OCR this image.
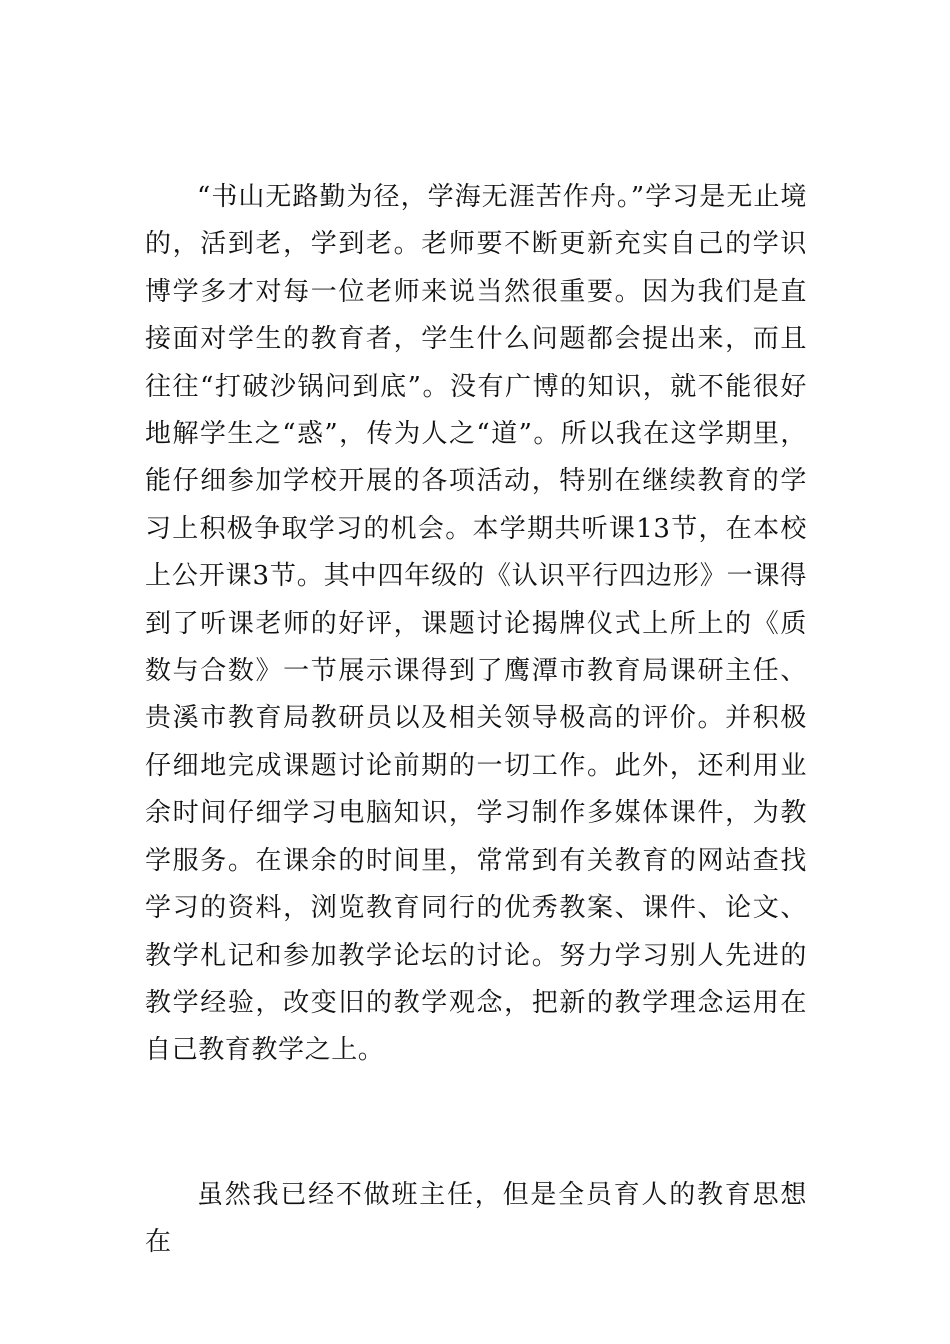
“书山无路勤为径，学海无涯苦作舟。”学习是无止境的，活到老，学到老。老师要不断更新充实自己的学识博学多才对每一位老师来说当然很重要。因为我们是直接面对学生的教育者，学生什么问题都会提出来，而且往往“打破沙锅问到底”。没有广博的知识，就不能很好地解学生之“惑”，传为人之“道”。所以我在这学期里，能仔细参加学校开展的各项活动，特别在继续教育的学习上积极争取学习的机会。本学期共听课13节，在本校上公开课3节。其中四年级的《认识平行四边形》一课得到了听课老师的好评，课题讨论揭牌仪式上所上的《质数与合数》一节展示课得到了鹰潭市教育局课研主任、贵溪市教育局教研员以及相关领导极高的评价。并积极仔细地完成课题讨论前期的一切工作。此外，还利用业余时间仔细学习电脑知识，学习制作多媒体课件，为教学服务。在课余的时间里，常常到有关教育的网站查找学习的资料，浏览教育同行的优秀教案、课件、论文、教学札记和参加教学论坛的讨论。努力学习别人先进的教学经验，改变旧的教学观念，把新的教学理念运用在自己教育教学之上。

虽然我已经不做班主任，但是全员育人的教育思想在
